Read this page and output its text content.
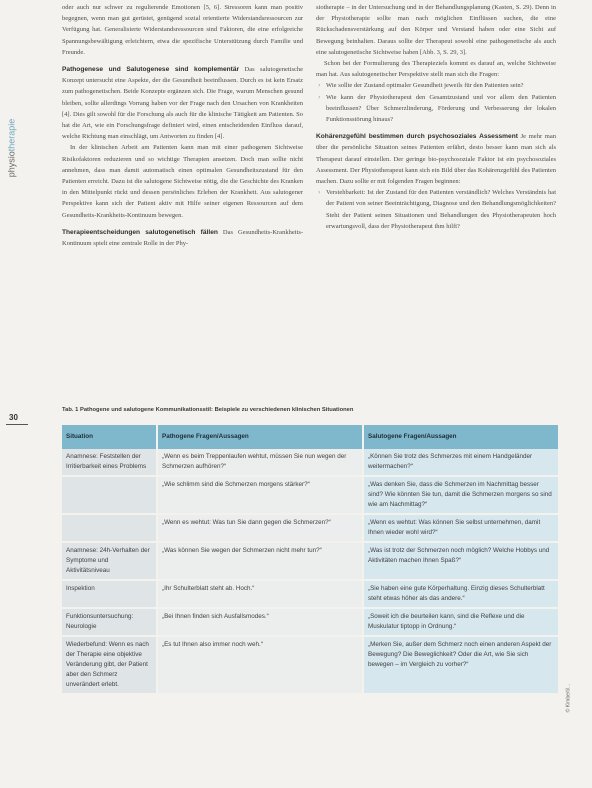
physiotherapie
30

oder auch nur schwer zu regulierende Emotionen [5, 6]. Stressoren kann man positiv begegnen, wenn man gut gerüstet, genügend sozial orientierte Widerstandsressourcen zur Verfügung hat. Generalisierte Widerstandsressourcen sind Faktoren, die eine erfolgreiche Spannungsbewältigung erleichtern, etwa die spezifische Unterstützung durch Familie und Freunde.

Pathogenese und Salutogenese sind komplementär Das salutogenetische Konzept untersucht eine Aspekte, der die Gesundheit beeinflussen. Durch es ist kein Ersatz zum pathogenetischen. Beide Konzepte ergänzen sich. Die Frage, warum Menschen gesund bleiben, sollte allerdings Vorrang haben vor der Frage nach den Ursachen von Krankheiten [4]. Dies gilt sowohl für die Forschung als auch für die klinische Tätigkeit am Patienten. So hat die Art, wie ein Forschungsfrage definiert wird, einen entscheidenden Einfluss darauf, welche Richtung man einschlägt, um Antworten zu finden [4].

In der klinischen Arbeit am Patienten kann man mit einer pathogenen Sichtweise Risikofaktoren reduzieren und so wichtige Therapien ansetzen. Doch man sollte nicht annehmen, dass man damit automatisch einen optimalen Gesundheitszustand für den Patienten erreicht. Dazu ist die salutogene Sichtweise nötig, die die Geschichte des Kranken in den Mittelpunkt rückt und dessen persönliches Erleben der Krankheit. Aus salutogener Perspektive kann sich der Patient aktiv mit Hilfe seiner eigenen Ressourcen auf dem Gesundheits-Krankheits-Kontinuum bewegen.

Therapieentscheidungen salutogenetisch fällen Das Gesundheits-Krankheits-Kontinuum spielt eine zentrale Rolle in der Phy-

siotherapie – in der Untersuchung und in der Behandlungsplanung (Kasten, S. 29). Denn in der Physiotherapie sollte man nach möglichen Einflüssen suchen, die eine Rückschadensverstärkung auf den Körper und Verstand haben oder eine Sicht auf Bewegung beinhalten. Daraus sollte der Therapeut sowohl eine pathogenetische als auch eine salutogenetische Sichtweise haben [Abb. 3, S. 29, 3].

Schon bei der Formulierung des Therapieziels kommt es darauf an, welche Sichtweise man hat. Aus salutogenetischer Perspektive stellt man sich die Fragen:

› Wie sollte der Zustand optimaler Gesundheit jeweils für den Patienten sein?
› Wie kann der Physiotherapeut den Gesamtzustand und vor allem den Patienten beeinflussen? Über Schmerzlinderung, Förderung und Verbesserung der lokalen Funktionsstörung hinaus?

Kohärenzgefühl bestimmen durch psychosoziales Assessment Je mehr man über die persönliche Situation seines Patienten erfährt, desto besser kann man sich als Therapeut darauf einstellen. Der geringe bio-psychosoziale Faktor ist ein psychosoziales Assessment. Der Physiotherapeut kann sich ein Bild über das Kohärenzgefühl des Patienten machen. Dazu sollte er mit folgenden Fragen beginnen:

› Verstehbarkeit: Ist der Zustand für den Patienten verständlich? Welches Verständnis hat der Patient von seiner Beeinträchtigung, Diagnose und den Behandlungsmöglichkeiten? Steht der Patient seinen Situationen und Behandlungen des Physiotherapeuten hoch erwartungsvoll, dass der Physiotherapeut ihm hilft?
Tab. 1 Pathogene und salutogene Kommunikationsstil: Beispiele zu verschiedenen klinischen Situationen
Situation	Pathogene Fragen/Aussagen	Salutogene Fragen/Aussagen
Anamnese: Feststellen der Irritierbarkeit eines Problems	„Wenn es beim Treppenlaufen wehtut, müssen Sie nun wegen der Schmerzen aufhören?“	„Können Sie trotz des Schmerzes mit einem Handgeländer weitermachen?“
	„Wie schlimm sind die Schmerzen morgens stärker?“	„Was denken Sie, dass die Schmerzen im Nachmittag besser sind? Wie könnten Sie tun, damit die Schmerzen morgens so sind wie am Nachmittag?“
	„Wenn es wehtut: Was tun Sie dann gegen die Schmerzen?“	„Wenn es wehtut: Was können Sie selbst unternehmen, damit Ihnen wieder wohl wird?“
Anamnese: 24h-Verhalten der Symptome und Aktivitätsniveau	„Was können Sie wegen der Schmerzen nicht mehr tun?“	„Was ist trotz der Schmerzen noch möglich? Welche Hobbys und Aktivitäten machen Ihnen Spaß?“
Inspektion	„Ihr Schulterblatt steht ab. Hoch.“	„Sie haben eine gute Körperhaltung. Einzig dieses Schulterblatt steht etwas höher als das andere.“
Funktionsuntersuchung: Neurologie	„Bei Ihnen finden sich Ausfallsmodes.“	„Soweit ich die beurteilen kann, sind die Reflexe und die Muskulatur tiptopp in Ordnung.“
Wiederbefund: Wenn es nach der Therapie eine objektive Veränderung gibt, der Patient aber den Schmerz unverändert erlebt.	„Es tut Ihnen also immer noch weh.“	„Merken Sie, außer dem Schmerz noch einen anderen Aspekt der Bewegung? Die Beweglichkeit? Oder die Art, wie Sie sich bewegen – im Vergleich zu vorher?“
© Kimberli/...
